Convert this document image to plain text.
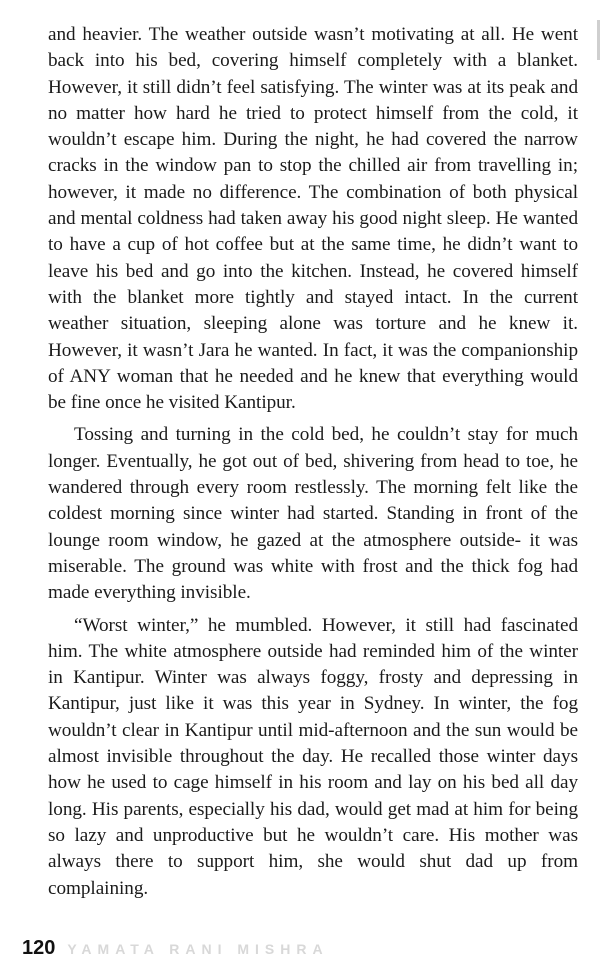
and heavier. The weather outside wasn’t motivating at all. He went back into his bed, covering himself completely with a blanket. However, it still didn’t feel satisfying. The winter was at its peak and no matter how hard he tried to protect himself from the cold, it wouldn’t escape him. During the night, he had covered the narrow cracks in the window pan to stop the chilled air from travelling in; however, it made no difference. The combination of both physical and mental coldness had taken away his good night sleep. He wanted to have a cup of hot coffee but at the same time, he didn’t want to leave his bed and go into the kitchen. Instead, he covered himself with the blanket more tightly and stayed intact. In the current weather situation, sleeping alone was torture and he knew it. However, it wasn’t Jara he wanted. In fact, it was the companionship of ANY woman that he needed and he knew that everything would be fine once he visited Kantipur.

Tossing and turning in the cold bed, he couldn’t stay for much longer. Eventually, he got out of bed, shivering from head to toe, he wandered through every room restlessly. The morning felt like the coldest morning since winter had started. Standing in front of the lounge room window, he gazed at the atmosphere outside- it was miserable. The ground was white with frost and the thick fog had made everything invisible.

“Worst winter,” he mumbled. However, it still had fascinated him. The white atmosphere outside had reminded him of the winter in Kantipur. Winter was always foggy, frosty and depressing in Kantipur, just like it was this year in Sydney. In winter, the fog wouldn’t clear in Kantipur until mid-afternoon and the sun would be almost invisible throughout the day. He recalled those winter days how he used to cage himself in his room and lay on his bed all day long. His parents, especially his dad, would get mad at him for being so lazy and unproductive but he wouldn’t care. His mother was always there to support him, she would shut dad up from complaining.

120 YAMATA RANI MISHRA
